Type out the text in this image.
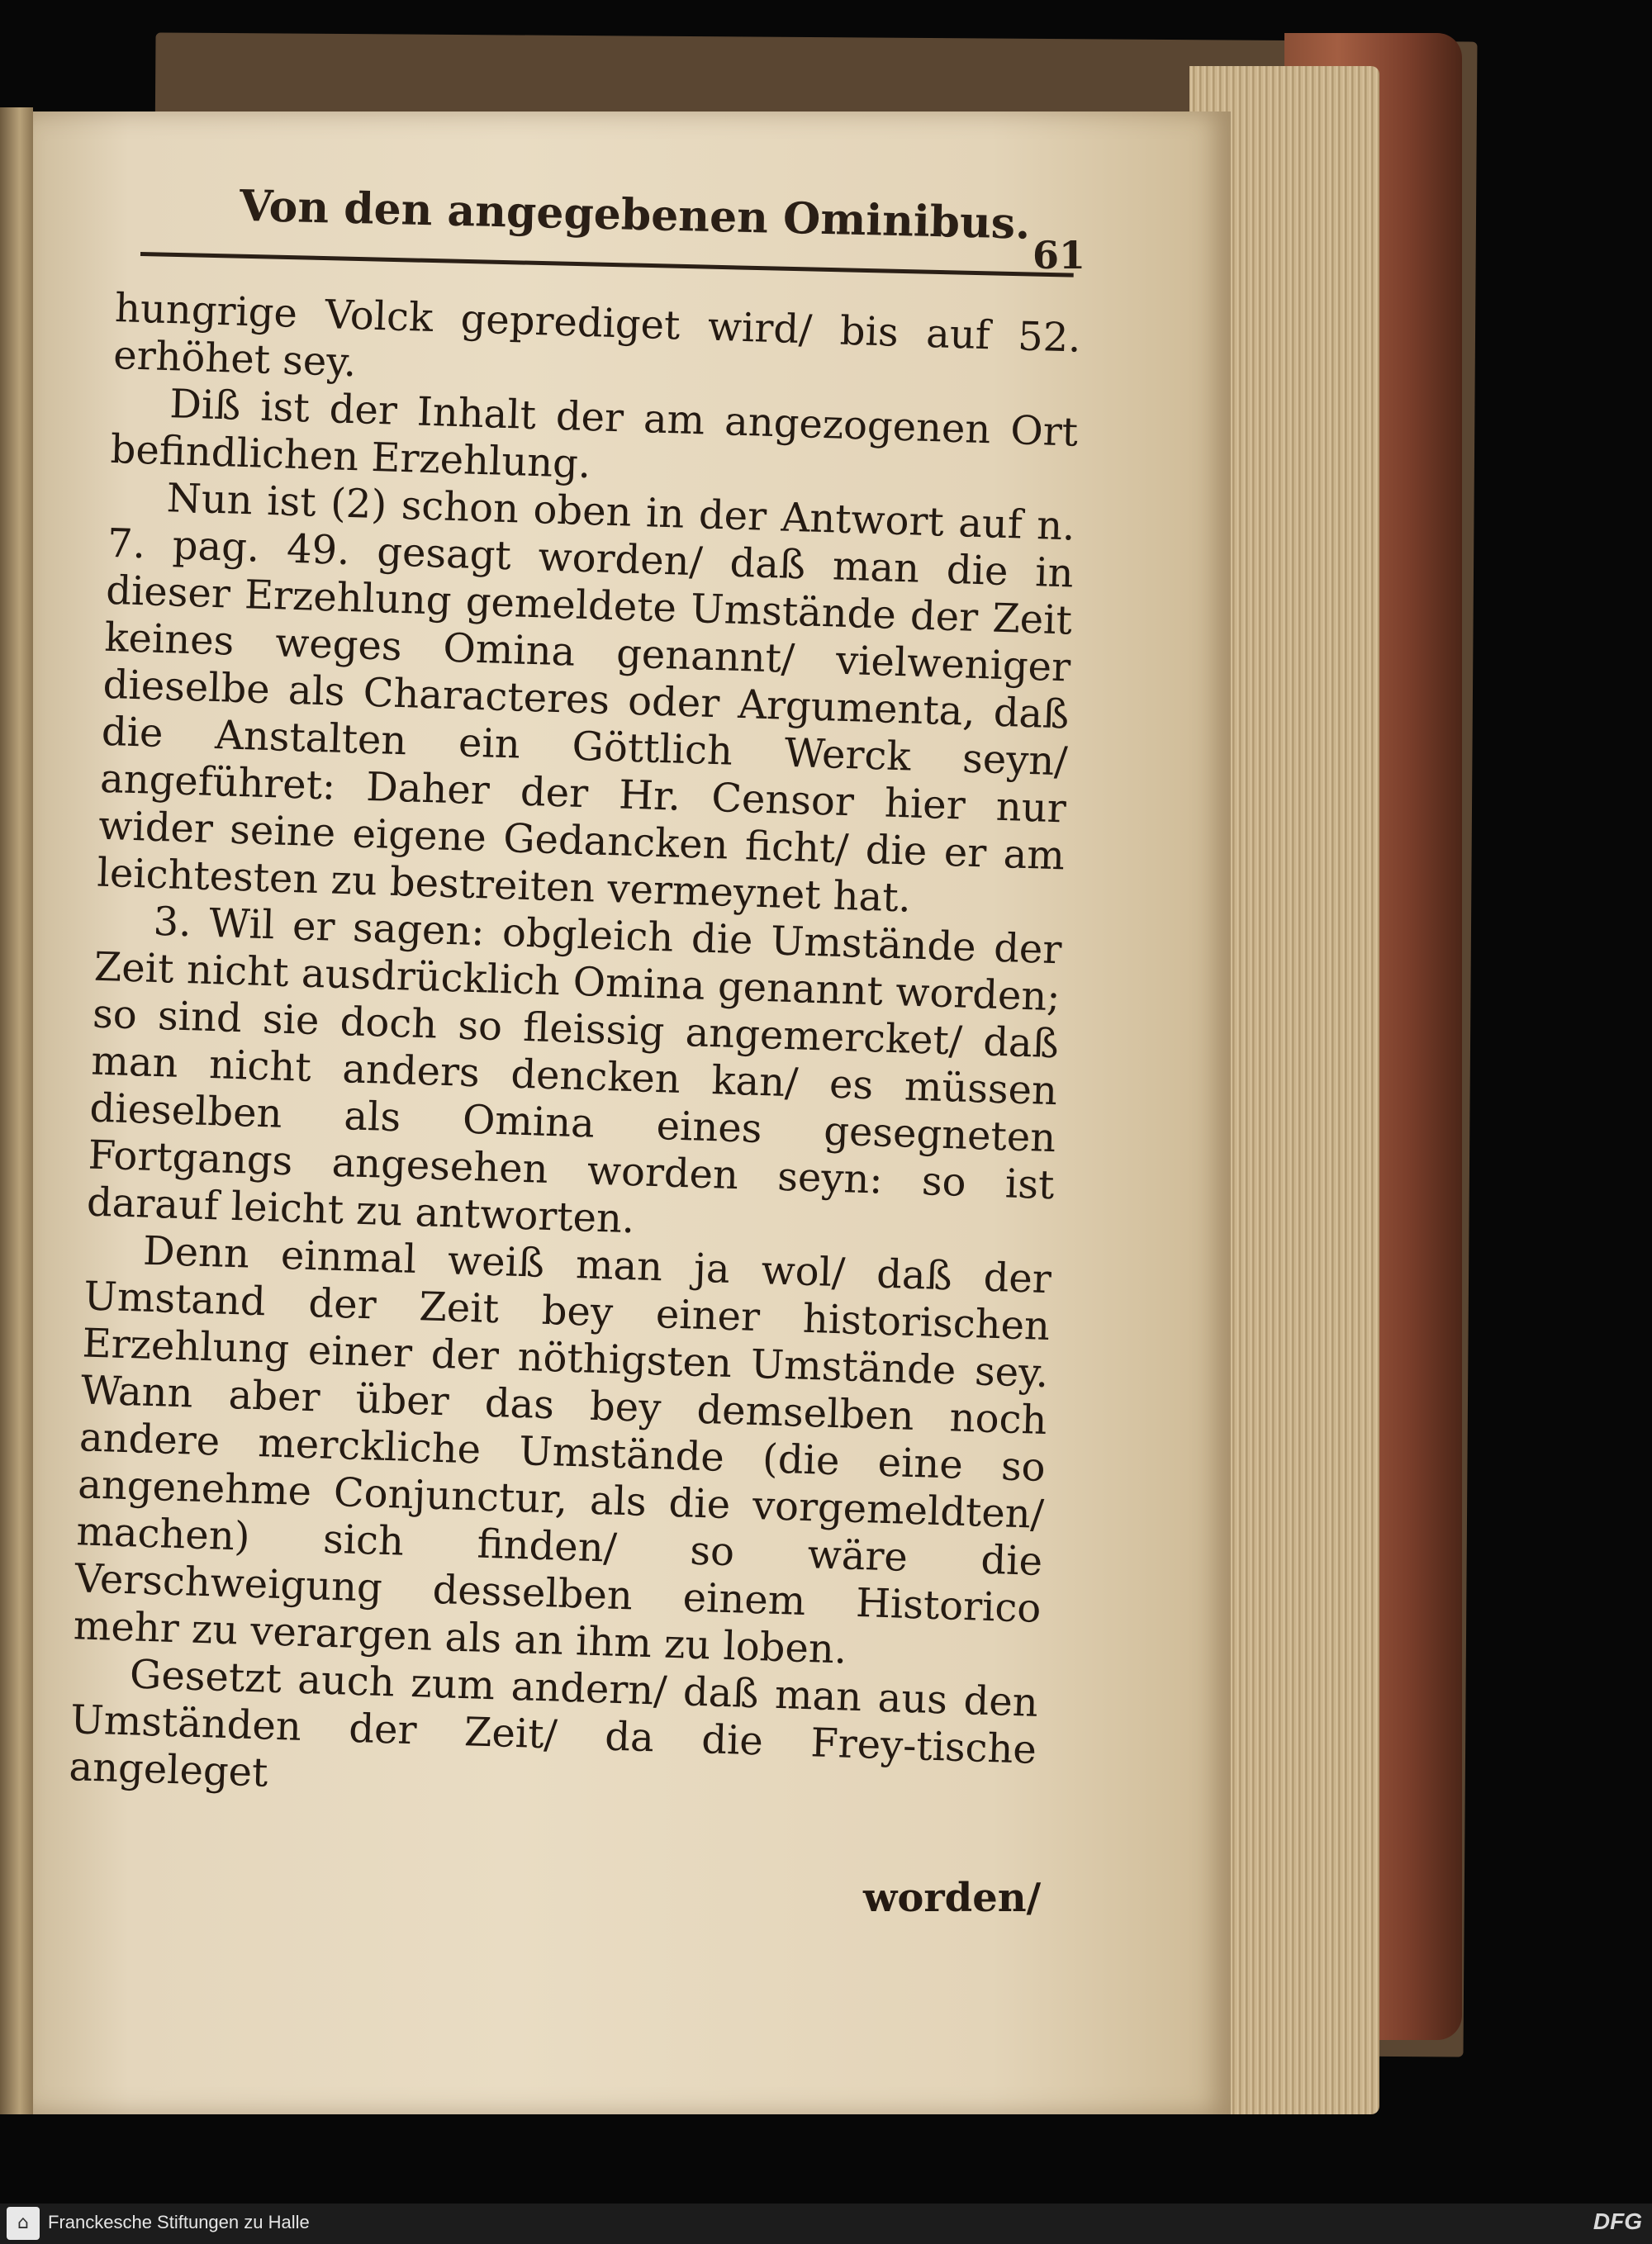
Von den angegebenen Ominibus.
61

hungrige Volck geprediget wird/ bis auf 52. erhöhet sey.

Diß ist der Inhalt der am angezogenen Ort befindlichen Erzehlung.

Nun ist (2) schon oben in der Antwort auf n. 7. pag. 49. gesagt worden/ daß man die in dieser Erzehlung gemeldete Umstände der Zeit keines weges Omina genannt/ vielweniger dieselbe als Characteres oder Argumenta, daß die Anstalten ein Göttlich Werck seyn/ angeführet: Daher der Hr. Censor hier nur wider seine eigene Gedancken ficht/ die er am leichtesten zu bestreiten vermeynet hat.

3. Wil er sagen: obgleich die Umstände der Zeit nicht ausdrücklich Omina genannt worden; so sind sie doch so fleissig angemercket/ daß man nicht anders dencken kan/ es müssen dieselben als Omina eines gesegneten Fortgangs angesehen worden seyn: so ist darauf leicht zu antworten.

Denn einmal weiß man ja wol/ daß der Umstand der Zeit bey einer historischen Erzehlung einer der nöthigsten Umstände sey. Wann aber über das bey demselben noch andere merckliche Umstände (die eine so angenehme Conjunctur, als die vorgemeldten/ machen) sich finden/ so wäre die Verschweigung desselben einem Historico mehr zu verargen als an ihm zu loben.

Gesetzt auch zum andern/ daß man aus den Umständen der Zeit/ da die Frey-tische angeleget

worden/
⌂	Franckesche Stiftungen zu Halle	DFG
